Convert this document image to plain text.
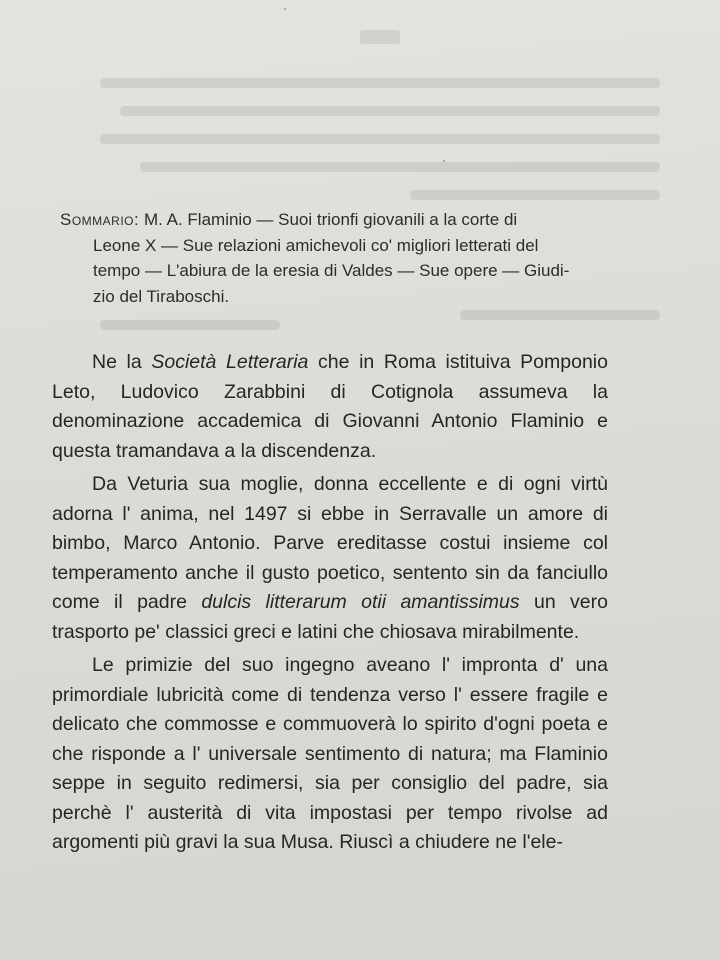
Sommario: M. A. Flaminio — Suoi trionfi giovanili a la corte di
Leone X — Sue relazioni amichevoli co' migliori letterati del
tempo — L'abiura de la eresia di Valdes — Sue opere — Giudi-
zio del Tiraboschi.

Ne la Società Letteraria che in Roma istituiva Pomponio Leto, Ludovico Zarabbini di Cotignola assumeva la denominazione accademica di Giovanni Antonio Flaminio e questa tramandava a la discendenza.

Da Veturia sua moglie, donna eccellente e di ogni virtù adorna l' anima, nel 1497 si ebbe in Serravalle un amore di bimbo, Marco Antonio. Parve ereditasse costui insieme col temperamento anche il gusto poetico, sentento sin da fanciullo come il padre dulcis litterarum otii amantissimus un vero trasporto pe' classici greci e latini che chiosava mirabilmente.

Le primizie del suo ingegno aveano l' impronta d' una primordiale lubricità come di tendenza verso l' essere fragile e delicato che commosse e commuoverà lo spirito d'ogni poeta e che risponde a l' universale sentimento di natura; ma Flaminio seppe in seguito redimersi, sia per consiglio del padre, sia perchè l' austerità di vita impostasi per tempo rivolse ad argomenti più gravi la sua Musa. Riuscì a chiudere ne l'ele-
